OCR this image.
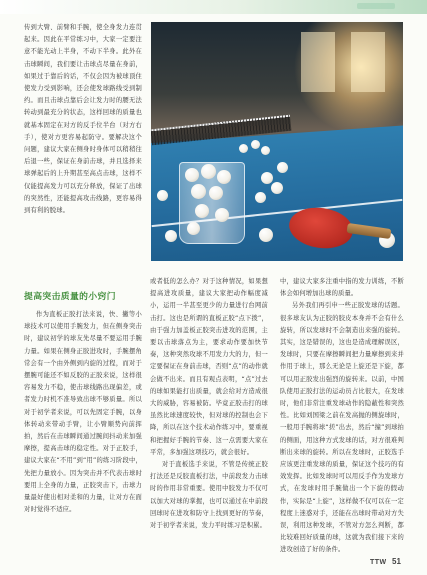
传到大臂、前臂和手腕，使全身发力连贯起来。因此在平常练习中，大家一定要注意不能光动上半身，不动下半身。此外在击球瞬间，我们要让击球点尽量在身前，如果过于靠后的话，不仅会因为被球顶住使发力受到影响，还会使发球路线受到制约。而且击球点靠后会让发力时的腰无法转动到最充分的状态，这样回球的质量也就基本固定在对方的反手位半台（对方右手），使对方更容易起防守。要解决这个问题，建议大家在侧身时身体可以稍稍往后退一些，保证在身前击球，并且选择来球弹起后的上升期甚至高点击球，这样不仅能提高发力可以充分释放，保证了出球的突然性，还能提高攻击线路，更容易得到有利的脱球。

提高突击质量的小窍门

作为直板正胶打法来说，快、撇等小球技术可以使用手腕发力，但在侧身突击时，建议初学的球友先尽量不要运用手腕力量。如果在侧身正胶进攻时，手腕摆角常会有一个由外侧到内旋的过程，而对于摆腕可能还不如反胶的正胶来说，这样很容易发力不稳，使击球线路出现偏差，或者发力时机不准导致出球不够质量。所以对于初学者来说，可以先固定手腕，以身体转动来带动手臂，让小臂顺势向前挥拍，然后在击球瞬间通过腕间抖动来加强摩擦，提高击球的稳定性。对于正胶手，建议大家在“不用”到“用”的练习阶段中，先把力量放小。因为突击并不代表击球时要用上全身的力量，正胶突击下，击球力量最好使出相对柔和的力量，让对方在面对时觉得不适应。

或者低的怎么办？对于这种情况，如果想提高进攻质量，建议大家把动作幅度减小，运用一半甚至更少的力量进行台网前击打。这也是所谓的直板正胶“点下拨”，由于强力加盖板正胶突击进攻的范围，主要以击球落点为主，要求动作要加快节奏，这种突然攻球不用发力大的力，但一定要保证在身前击球，否则“点”的动作就会做不出来。而且有观点表明，“点”过去的球如果能打出质量，就会给对方造成很大的威胁，容易被防。毕竟正胶击打的球虽然比球速度较快，但对球的控制也会下降，所以在这个技术动作练习中，要重视和把握好手腕的节奏、这一点需要大家在平常，多加强这项技巧，就会很好。

对于直板选手来说，不管是传统正胶打法还是反胶直板打法，中前段发力击球时的作用非常重要。使用中胶发力不仅可以加大对球的掌握，也可以通过在中前段回球时在进攻和防守上找到更好的节奏，对于初学者来说，发力平时练习是积累。

中，建议大家多注重中指的发力训练，不断体会如何增加出球的质量。

另外我们再引申一些正胶发球的话题。很多球友认为正胶的胶皮本身并不会有什么旋转，所以发球时不会制造出来强的旋转。其实，这是错误的，这也是造成理解误区，发球时，只要在摩擦瞬间把力量摩擦到来并作用于球上，那么无论是上旋还是下旋，都可以用正胶发出强烈的旋转来。以前，中国队使用正胶打法的运动员占比很大，在发球时，他们非常注重发球动作的隐蔽性和突然性。比如刘国梁之前在发高抛的侧旋球时，一般用手腕将球“搓”出去，然后“撞”到球拍的侧面，用这种方式发球的话，对方很难判断出来球的旋转。所以在发球时，正胶选手应该更注重发球的质量，保证这个技巧的有效发挥。比如发球时可以用反手作为发球方式，在发球时用手腕做出一个下旋的假动作，实际是“上旋”，这样做不仅可以在一定程度上迷惑对手，还能在出球时带动对方失误，利用这种发球，不管对方怎么判断，都比较难回好质量的球，这就为我们接下来的进攻创造了好的条件。

TTW 51
